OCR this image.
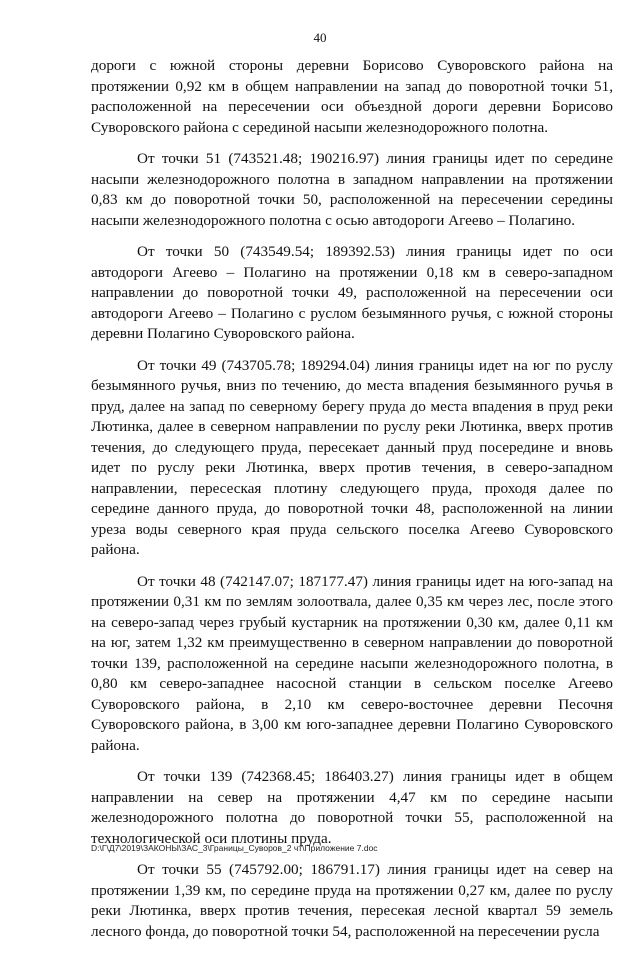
40

дороги с южной стороны деревни Борисово Суворовского района на протяжении 0,92 км в общем направлении на запад до поворотной точки 51, расположенной на пересечении оси объездной дороги деревни Борисово Суворовского района с серединой насыпи железнодорожного полотна.

От точки 51 (743521.48; 190216.97) линия границы идет по середине насыпи железнодорожного полотна в западном направлении на протяжении 0,83 км до поворотной точки 50, расположенной на пересечении середины насыпи железнодорожного полотна с осью автодороги Агеево – Полагино.

От точки 50 (743549.54; 189392.53) линия границы идет по оси автодороги Агеево – Полагино на протяжении 0,18 км в северо-западном направлении до поворотной точки 49, расположенной на пересечении оси автодороги Агеево – Полагино с руслом безымянного ручья, с южной стороны деревни Полагино Суворовского района.

От точки 49 (743705.78; 189294.04) линия границы идет на юг по руслу безымянного ручья, вниз по течению, до места впадения безымянного ручья в пруд, далее на запад по северному берегу пруда до места впадения в пруд реки Лютинка, далее в северном направлении по руслу реки Лютинка, вверх против течения, до следующего пруда, пересекает данный пруд посередине и вновь идет по руслу реки Лютинка, вверх против течения, в северо-западном направлении, пересеская плотину следующего пруда, проходя далее по середине данного пруда, до поворотной точки 48, расположенной на линии уреза воды северного края пруда сельского поселка Агеево Суворовского района.

От точки 48 (742147.07; 187177.47) линия границы идет на юго-запад на протяжении 0,31 км по землям золоотвала, далее 0,35 км через лес, после этого на северо-запад через грубый кустарник на протяжении 0,30 км, далее 0,11 км на юг, затем 1,32 км преимущественно в северном направлении до поворотной точки 139, расположенной на середине насыпи железнодорожного полотна, в 0,80 км северо-западнее насосной станции в сельском поселке Агеево Суворовского района, в 2,10 км северо-восточнее деревни Песочня Суворовского района, в 3,00 км юго-западнее деревни Полагино Суворовского района.

От точки 139 (742368.45; 186403.27) линия границы идет в общем направлении на север на протяжении 4,47 км по середине насыпи железнодорожного полотна до поворотной точки 55, расположенной на технологической оси плотины пруда.

От точки 55 (745792.00; 186791.17) линия границы идет на север на протяжении 1,39 км, по середине пруда на протяжении 0,27 км, далее по руслу реки Лютинка, вверх против течения, пересекая лесной квартал 59 земель лесного фонда, до поворотной точки 54, расположенной на пересечении русла

D:\Г\Д7\2019\ЗАКОНЫ\ЗАС_3\Границы_Суворов_2 чт\Приложение 7.doc
